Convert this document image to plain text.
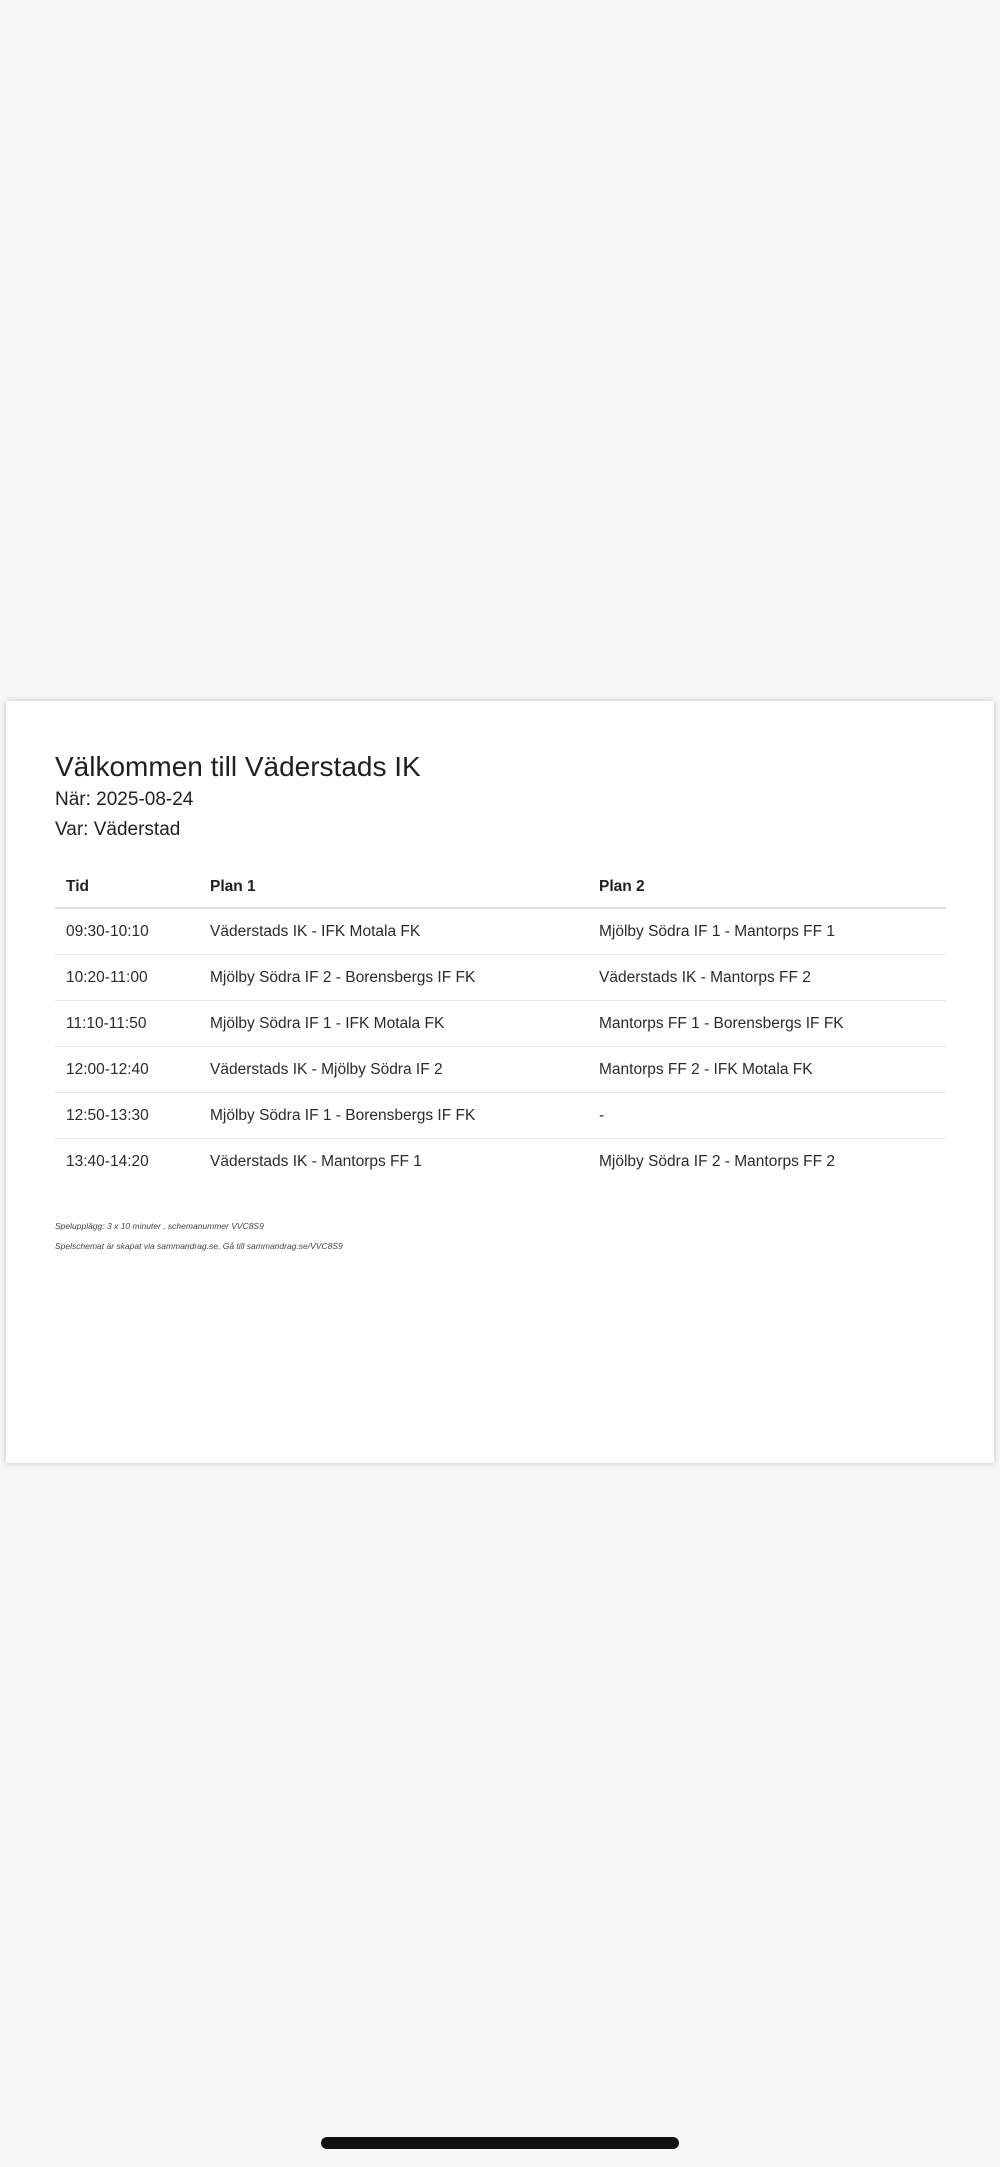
Välkommen till Väderstads IK
När: 2025-08-24
Var: Väderstad
Tid	Plan 1	Plan 2
09:30-10:10	Väderstads IK - IFK Motala FK	Mjölby Södra IF 1 - Mantorps FF 1
10:20-11:00	Mjölby Södra IF 2 - Borensbergs IF FK	Väderstads IK - Mantorps FF 2
11:10-11:50	Mjölby Södra IF 1 - IFK Motala FK	Mantorps FF 1 - Borensbergs IF FK
12:00-12:40	Väderstads IK - Mjölby Södra IF 2	Mantorps FF 2 - IFK Motala FK
12:50-13:30	Mjölby Södra IF 1 - Borensbergs IF FK	-
13:40-14:20	Väderstads IK - Mantorps FF 1	Mjölby Södra IF 2 - Mantorps FF 2
Spelupplägg: 3 x 10 minuter , schemanummer VVC8S9
Spelschemat är skapat via sammandrag.se. Gå till sammandrag.se/VVC8S9
